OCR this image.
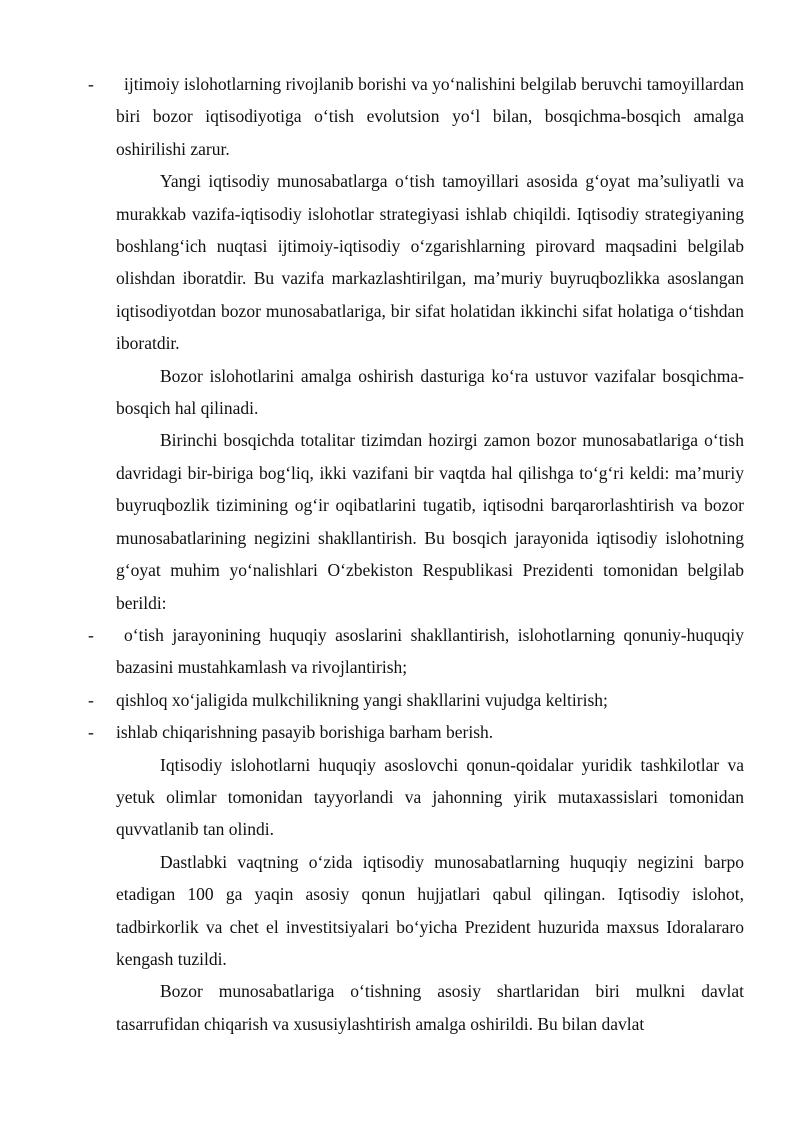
-	ijtimoiy islohotlarning rivojlanib borishi va yo‘nalishini belgilab beruvchi tamoyillardan biri bozor iqtisodiyotiga o‘tish evolutsion yo‘l bilan, bosqichma-bosqich amalga oshirilishi zarur.

Yangi iqtisodiy munosabatlarga o‘tish tamoyillari asosida g‘oyat ma’suliyatli va murakkab vazifa-iqtisodiy islohotlar strategiyasi ishlab chiqildi. Iqtisodiy strategiyaning boshlang‘ich nuqtasi ijtimoiy-iqtisodiy o‘zgarishlarning pirovard maqsadini belgilab olishdan iboratdir. Bu vazifa markazlashtirilgan, ma’muriy buyruqbozlikka asoslangan iqtisodiyotdan bozor munosabatlariga, bir sifat holatidan ikkinchi sifat holatiga o‘tishdan iboratdir.

Bozor islohotlarini amalga oshirish dasturiga ko‘ra ustuvor vazifalar bosqichma-bosqich hal qilinadi.

Birinchi bosqichda totalitar tizimdan hozirgi zamon bozor munosabatlariga o‘tish davridagi bir-biriga bog‘liq, ikki vazifani bir vaqtda hal qilishga to‘g‘ri keldi: ma’muriy buyruqbozlik tizimining og‘ir oqibatlarini tugatib, iqtisodni barqarorlashtirish va bozor munosabatlarining negizini shakllantirish. Bu bosqich jarayonida iqtisodiy islohotning g‘oyat muhim yo‘nalishlari O‘zbekiston Respublikasi Prezidenti tomonidan belgilab berildi:

-	o‘tish jarayonining huquqiy asoslarini shakllantirish, islohotlarning qonuniy-huquqiy bazasini mustahkamlash va rivojlantirish;
- qishloq xo‘jaligida mulkchilikning yangi shakllarini vujudga keltirish;
- ishlab chiqarishning pasayib borishiga barham berish.

Iqtisodiy islohotlarni huquqiy asoslovchi qonun-qoidalar yuridik tashkilotlar va yetuk olimlar tomonidan tayyorlandi va jahonning yirik mutaxassislari tomonidan quvvatlanib tan olindi.

Dastlabki vaqtning o‘zida iqtisodiy munosabatlarning huquqiy negizini barpo etadigan 100 ga yaqin asosiy qonun hujjatlari qabul qilingan. Iqtisodiy islohot, tadbirkorlik va chet el investitsiyalari bo‘yicha Prezident huzurida maxsus Idoralararo kengash tuzildi.

Bozor munosabatlariga o‘tishning asosiy shartlaridan biri mulkni davlat tasarrufidan chiqarish va xususiylashtirish amalga oshirildi. Bu bilan davlat
